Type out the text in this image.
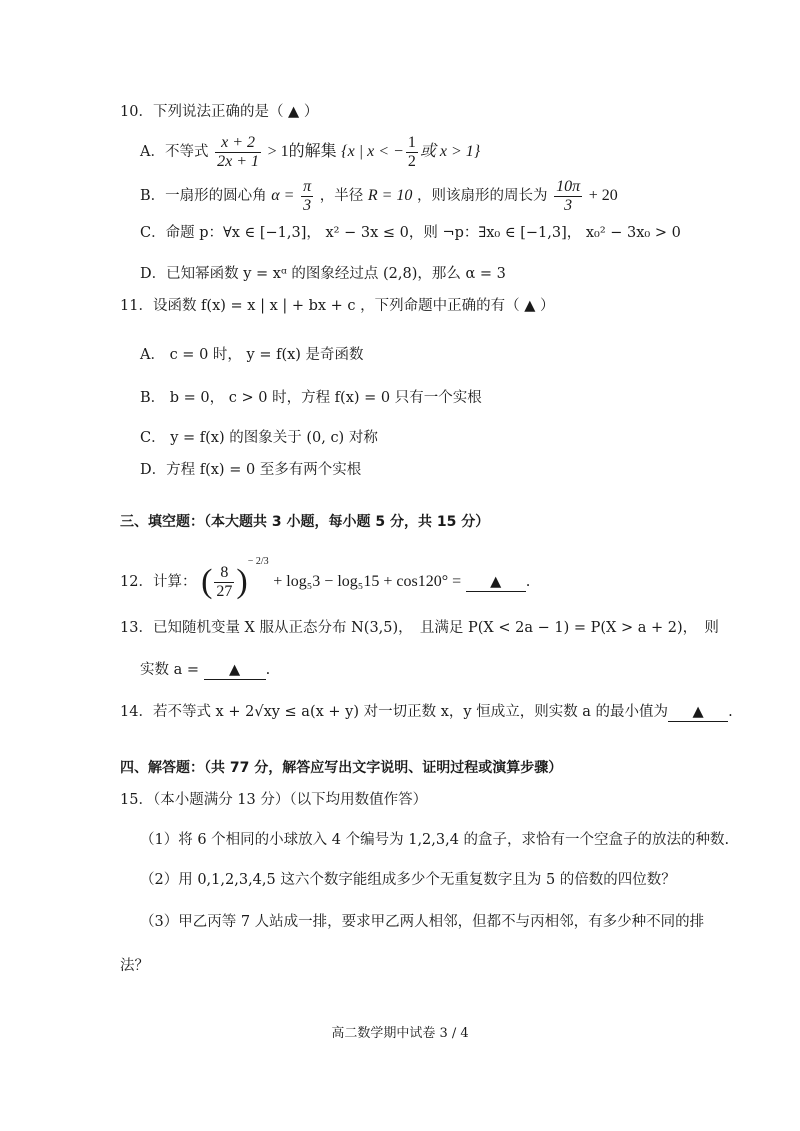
10．下列说法正确的是（ ▲ ）
A．不等式 $\frac{x + 2}{2x + 1} > 1$的解集 {x | x < − $\frac{1}{2}$ 或 x > 1}
B．一扇形的圆心角 $\alpha = \frac{\pi}{3}$ ，半径 R = 10 ，则该扇形的周长为 $\frac{10\pi}{3} + 20$
C．命题 p：∀x ∈ [−1,3]， x² − 3x ≤ 0，则 ¬p：∃x₀ ∈ [−1,3]， x₀² − 3x₀ > 0
D．已知幂函数 y = xᵅ 的图象经过点 (2,8)，那么 α = 3
11．设函数 f(x) = x | x | + bx + c ，下列命题中正确的有（ ▲ ）
A． c = 0 时， y = f(x) 是奇函数
B． b = 0， c > 0 时，方程 f(x) = 0 只有一个实根
C． y = f(x) 的图象关于 (0, c) 对称
D．方程 f(x) = 0 至多有两个实根
三、填空题：（本大题共 3 小题，每小题 5 分，共 15 分）
12．计算： ( $\frac{8}{27} )^{- 2/3} + \log_53 - \log_515 + \cos 120^\circ$ = ▲ .
13．已知随机变量 X 服从正态分布 N(3,5)，　且满足 P(X < 2a − 1) = P(X > a + 2)，　则
实数 a = ▲ .
14．若不等式 x + 2√xy ≤ a(x + y) 对一切正数 x，y 恒成立，则实数 a 的最小值为 ▲ .
四、解答题：（共 77 分，解答应写出文字说明、证明过程或演算步骤）
15．（本小题满分 13 分）（以下均用数值作答）
（1）将 6 个相同的小球放入 4 个编号为 1,2,3,4 的盒子，求恰有一个空盒子的放法的种数.
（2）用 0,1,2,3,4,5 这六个数字能组成多少个无重复数字且为 5 的倍数的四位数？
（3）甲乙丙等 7 人站成一排，要求甲乙两人相邻，但都不与丙相邻，有多少种不同的排
法？
高二数学期中试卷 3 / 4
